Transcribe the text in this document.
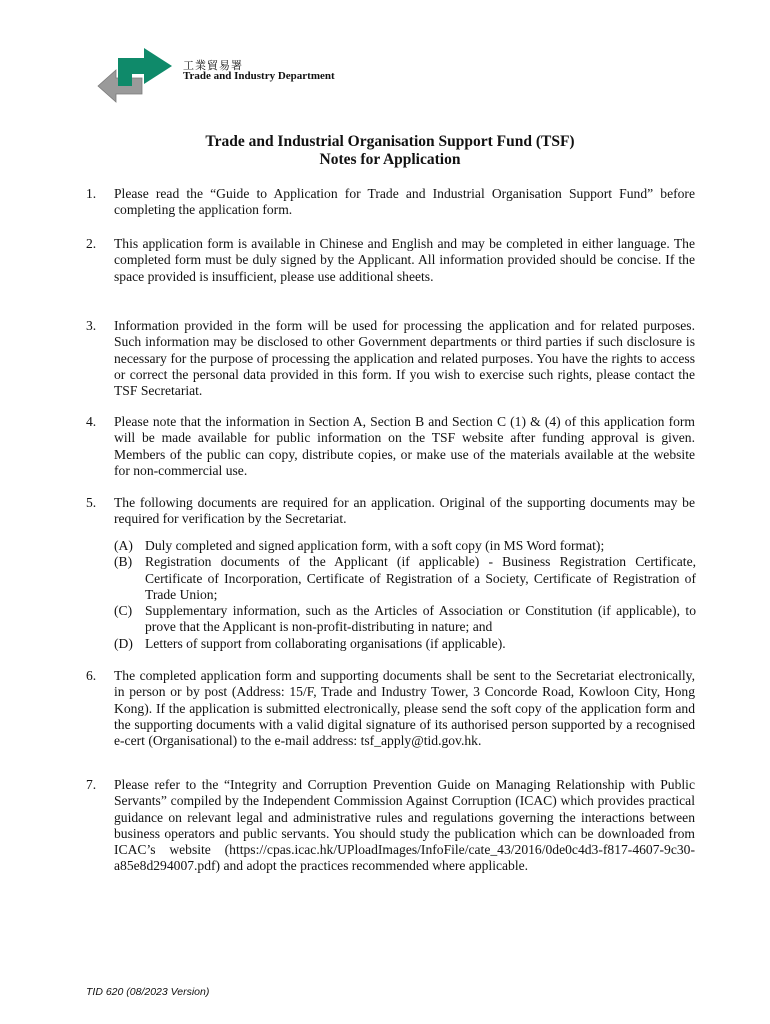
工業貿易署
Trade and Industry Department
Trade and Industrial Organisation Support Fund (TSF)
Notes for Application
1. Please read the “Guide to Application for Trade and Industrial Organisation Support Fund” before completing the application form.
2. This application form is available in Chinese and English and may be completed in either language. The completed form must be duly signed by the Applicant. All information provided should be concise. If the space provided is insufficient, please use additional sheets.
3. Information provided in the form will be used for processing the application and for related purposes. Such information may be disclosed to other Government departments or third parties if such disclosure is necessary for the purpose of processing the application and related purposes. You have the rights to access or correct the personal data provided in this form. If you wish to exercise such rights, please contact the TSF Secretariat.
4. Please note that the information in Section A, Section B and Section C (1) & (4) of this application form will be made available for public information on the TSF website after funding approval is given. Members of the public can copy, distribute copies, or make use of the materials available at the website for non-commercial use.
5. The following documents are required for an application. Original of the supporting documents may be required for verification by the Secretariat.
(A) Duly completed and signed application form, with a soft copy (in MS Word format);
(B) Registration documents of the Applicant (if applicable) - Business Registration Certificate, Certificate of Incorporation, Certificate of Registration of a Society, Certificate of Registration of Trade Union;
(C) Supplementary information, such as the Articles of Association or Constitution (if applicable), to prove that the Applicant is non-profit-distributing in nature; and
(D) Letters of support from collaborating organisations (if applicable).
6. The completed application form and supporting documents shall be sent to the Secretariat electronically, in person or by post (Address: 15/F, Trade and Industry Tower, 3 Concorde Road, Kowloon City, Hong Kong). If the application is submitted electronically, please send the soft copy of the application form and the supporting documents with a valid digital signature of its authorised person supported by a recognised e-cert (Organisational) to the e-mail address: tsf_apply@tid.gov.hk.
7. Please refer to the “Integrity and Corruption Prevention Guide on Managing Relationship with Public Servants” compiled by the Independent Commission Against Corruption (ICAC) which provides practical guidance on relevant legal and administrative rules and regulations governing the interactions between business operators and public servants. You should study the publication which can be downloaded from ICAC’s website (https://cpas.icac.hk/UPloadImages/InfoFile/cate_43/2016/0de0c4d3-f817-4607-9c30-a85e8d294007.pdf) and adopt the practices recommended where applicable.
TID 620 (08/2023 Version)
